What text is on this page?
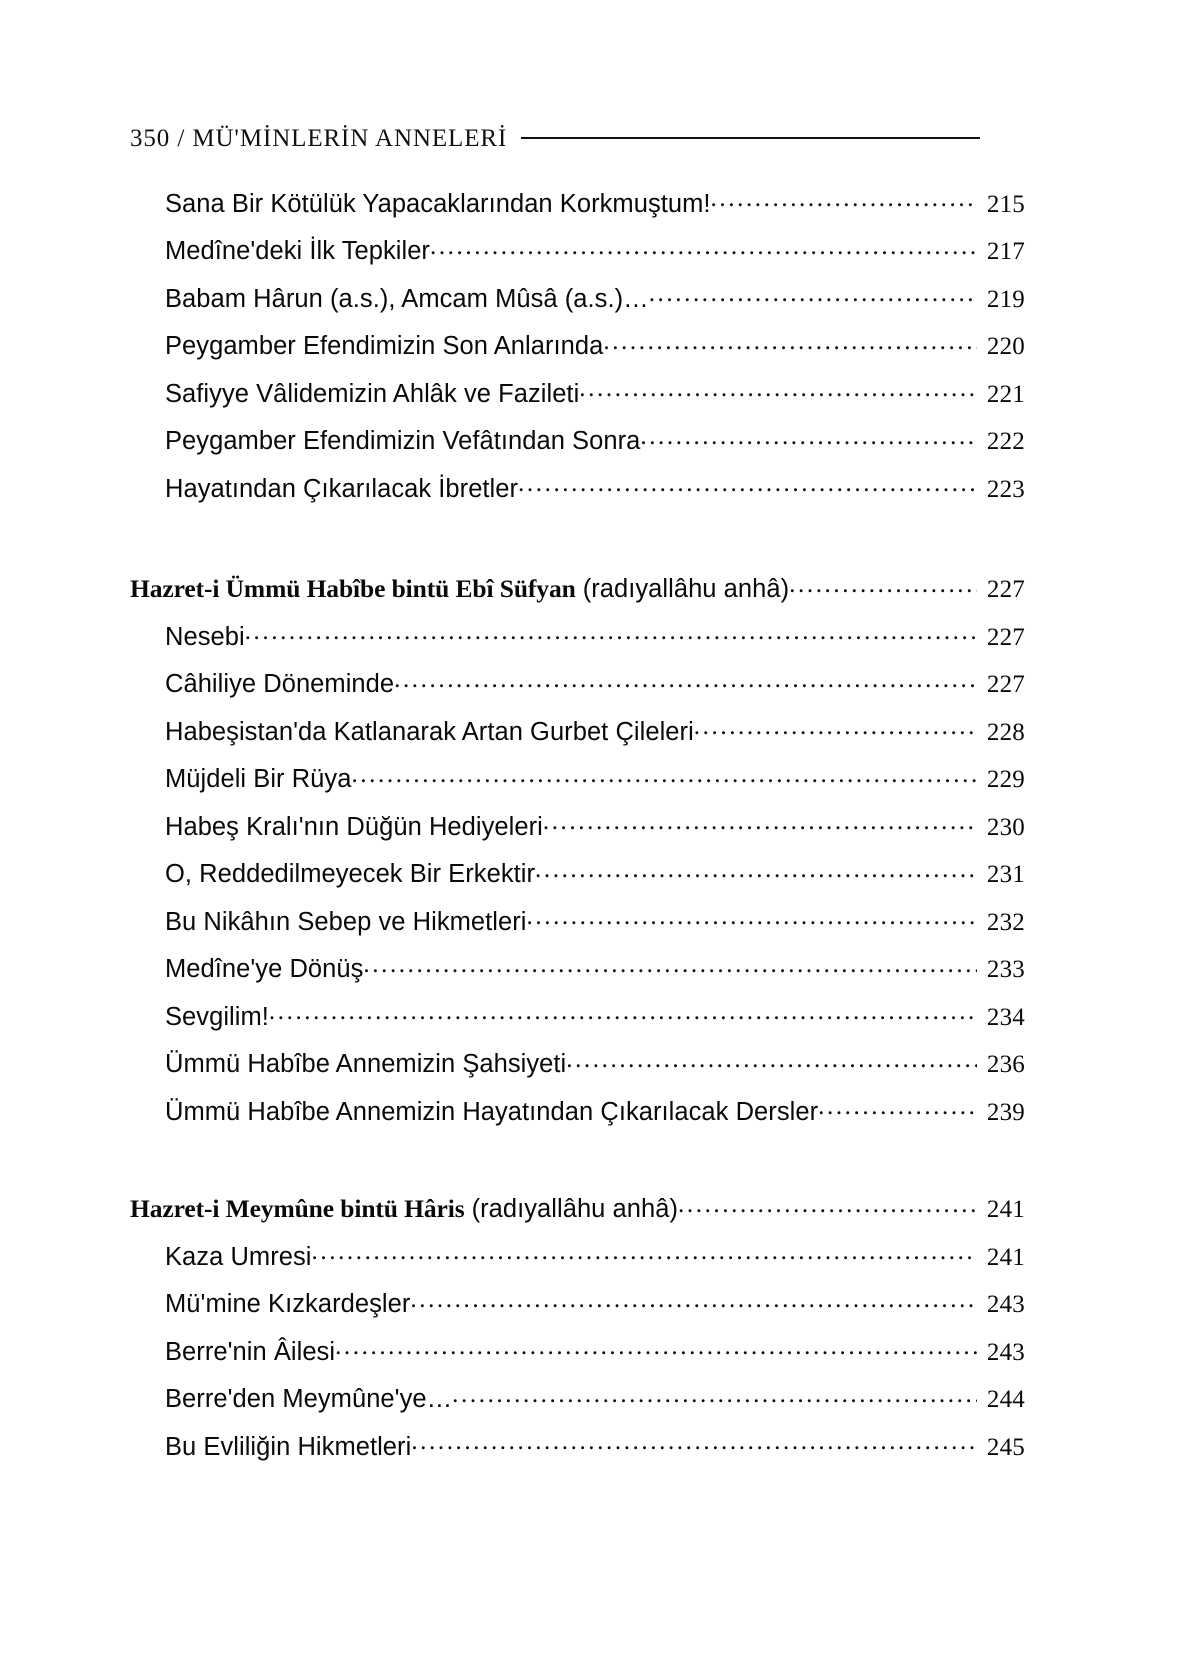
350 / MÜ'MİNLERİN ANNELERİ
Sana Bir Kötülük Yapacaklarından Korkmuştum! .....	215
Medîne'deki İlk Tepkiler .....	217
Babam Hârun (a.s.), Amcam Mûsâ (a.s.)… .....	219
Peygamber Efendimizin Son Anlarında .....	220
Safiyye Vâlidemizin Ahlâk ve Fazileti .....	221
Peygamber Efendimizin Vefâtından Sonra .....	222
Hayatından Çıkarılacak İbretler .....	223
Hazret-i Ümmü Habîbe bintü Ebî Süfyan (radıyallâhu anhâ) .....	227
Nesebi .....	227
Câhiliye Döneminde .....	227
Habeşistan'da Katlanarak Artan Gurbet Çileleri .....	228
Müjdeli Bir Rüya .....	229
Habeş Kralı'nın Düğün Hediyeleri .....	230
O, Reddedilmeyecek Bir Erkektir .....	231
Bu Nikâhın Sebep ve Hikmetleri .....	232
Medîne'ye Dönüş .....	233
Sevgilim! .....	234
Ümmü Habîbe Annemizin Şahsiyeti .....	236
Ümmü Habîbe Annemizin Hayatından Çıkarılacak Dersler .....	239
Hazret-i Meymûne bintü Hâris (radıyallâhu anhâ) .....	241
Kaza Umresi .....	241
Mü'mine Kızkardeşler .....	243
Berre'nin Âilesi .....	243
Berre'den Meymûne'ye… .....	244
Bu Evliliğin Hikmetleri .....	245
